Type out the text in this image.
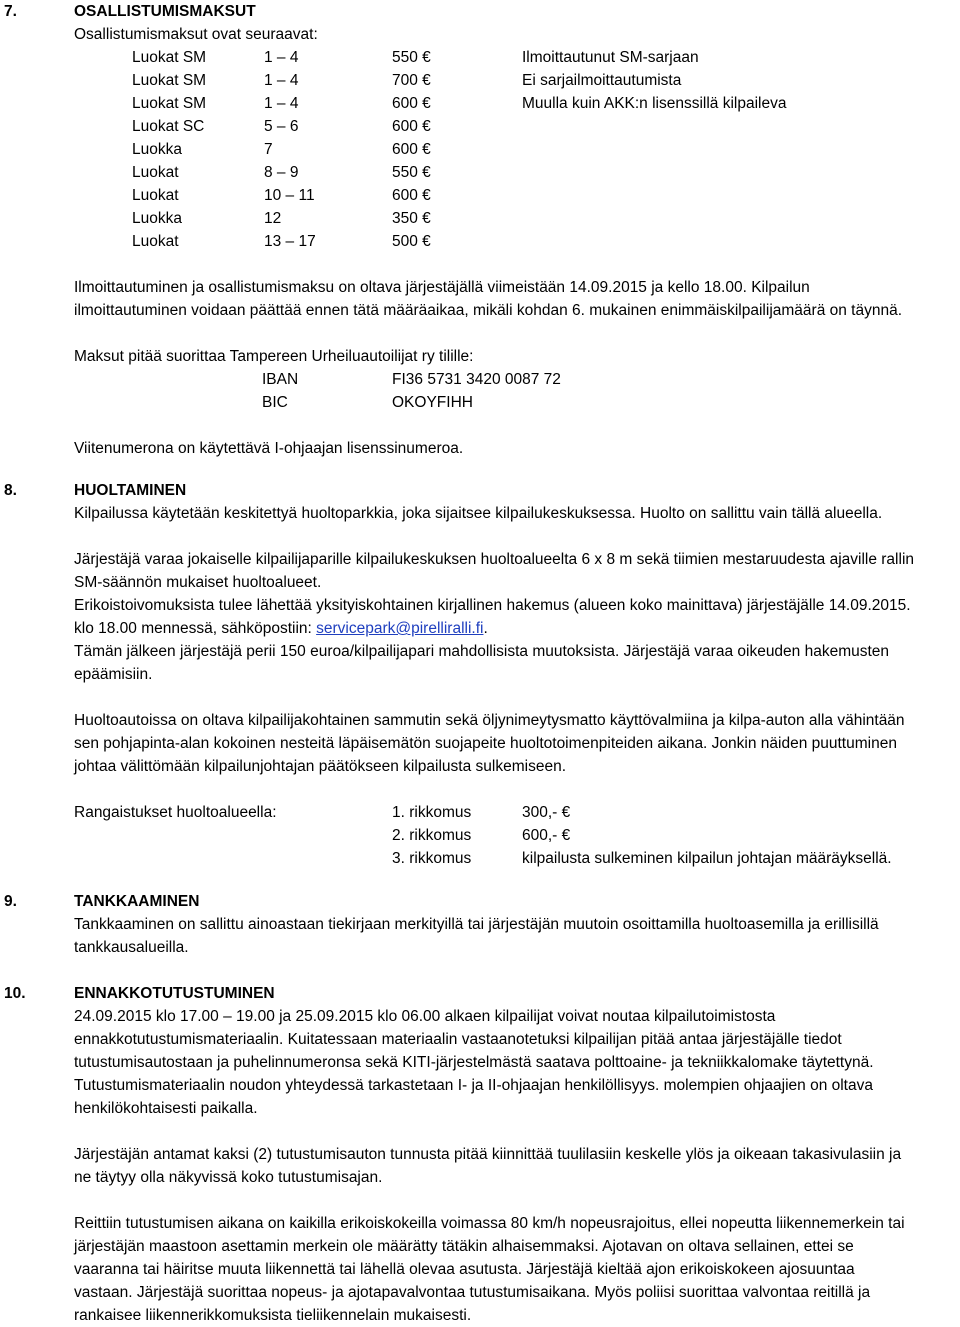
7.	OSALLISTUMISMAKSUT
Osallistumismaksut ovat seuraavat:
Luokat SM	1 – 4	550 €	Ilmoittautunut SM-sarjaan
Luokat SM	1 – 4	700 €	Ei sarjailmoittautumista
Luokat SM	1 – 4	600 €	Muulla kuin AKK:n lisenssillä kilpaileva
Luokat SC	5 – 6	600 €
Luokka	7	600 €
Luokat	8 – 9	550 €
Luokat	10 – 11	600 €
Luokka	12	350 €
Luokat	13 – 17	500 €
Ilmoittautuminen ja osallistumismaksu on oltava järjestäjällä viimeistään 14.09.2015 ja kello 18.00. Kilpailun
ilmoittautuminen voidaan päättää ennen tätä määräaikaa, mikäli kohdan 6. mukainen enimmäiskilpailijamäärä on täynnä.
Maksut pitää suorittaa Tampereen Urheiluautoilijat ry tilille:
IBAN	FI36 5731 3420 0087 72
BIC	OKOYFIHH
Viitenumerona on käytettävä I-ohjaajan lisenssinumeroa.
8.	HUOLTAMINEN
Kilpailussa käytetään keskitettyä huoltoparkkia, joka sijaitsee kilpailukeskuksessa. Huolto on sallittu vain tällä alueella.
Järjestäjä varaa jokaiselle kilpailijaparille kilpailukeskuksen huoltoalueelta 6 x 8 m sekä tiimien mestaruudesta ajaville rallin
SM-säännön mukaiset huoltoalueet.
Erikoistoivomuksista tulee lähettää yksityiskohtainen kirjallinen hakemus (alueen koko mainittava) järjestäjälle 14.09.2015.
klo 18.00 mennessä, sähköpostiin: servicepark@pirelliralli.fi.
Tämän jälkeen järjestäjä perii 150 euroa/kilpailijapari mahdollisista muutoksista. Järjestäjä varaa oikeuden hakemusten
epäämisiin.
Huoltoautoissa on oltava kilpailijakohtainen sammutin sekä öljynimeytysmatto käyttövalmiina ja kilpa-auton alla vähintään
sen pohjapinta-alan kokoinen nesteitä läpäisemätön suojapeite huoltotoimenpiteiden aikana. Jonkin näiden puuttuminen
johtaa välittömään kilpailunjohtajan päätökseen kilpailusta sulkemiseen.
Rangaistukset huoltoalueella:	1. rikkomus	300,- €
2. rikkomus	600,- €
3. rikkomus	kilpailusta sulkeminen kilpailun johtajan määräyksellä.
9.	TANKKAAMINEN
Tankkaaminen on sallittu ainoastaan tiekirjaan merkityillä tai järjestäjän muutoin osoittamilla huoltoasemilla ja erillisillä
tankkausalueilla.
10.	ENNAKKOTUTUSTUMINEN
24.09.2015 klo 17.00 – 19.00 ja 25.09.2015 klo 06.00 alkaen kilpailijat voivat noutaa kilpailutoimistosta
ennakkotutustumismateriaalin. Kuitatessaan materiaalin vastaanotetuksi kilpailijan pitää antaa järjestäjälle tiedot
tutustumisautostaan ja puhelinnumeronsa sekä KITI-järjestelmästä saatava polttoaine- ja tekniikkalomake täytettynä.
Tutustumismateriaalin noudon yhteydessä tarkastetaan I- ja II-ohjaajan henkilöllisyys. molempien ohjaajien on oltava
henkilökohtaisesti paikalla.
Järjestäjän antamat kaksi (2) tutustumisauton tunnusta pitää kiinnittää tuulilasiin keskelle ylös ja oikeaan takasivulasiin ja
ne täytyy olla näkyvissä koko tutustumisajan.
Reittiin tutustumisen aikana on kaikilla erikoiskokeilla voimassa 80 km/h nopeusrajoitus, ellei nopeutta liikennemerkein tai
järjestäjän maastoon asettamin merkein ole määrätty tätäkin alhaisemmaksi. Ajotavan on oltava sellainen, ettei se
vaaranna tai häiritse muuta liikennettä tai lähellä olevaa asutusta. Järjestäjä kieltää ajon erikoiskokeen ajosuuntaa
vastaan. Järjestäjä suorittaa nopeus- ja ajotapavalvontaa tutustumisaikana. Myös poliisi suorittaa valvontaa reitillä ja
rankaisee liikennerikkomuksista tieliikennelain mukaisesti.
